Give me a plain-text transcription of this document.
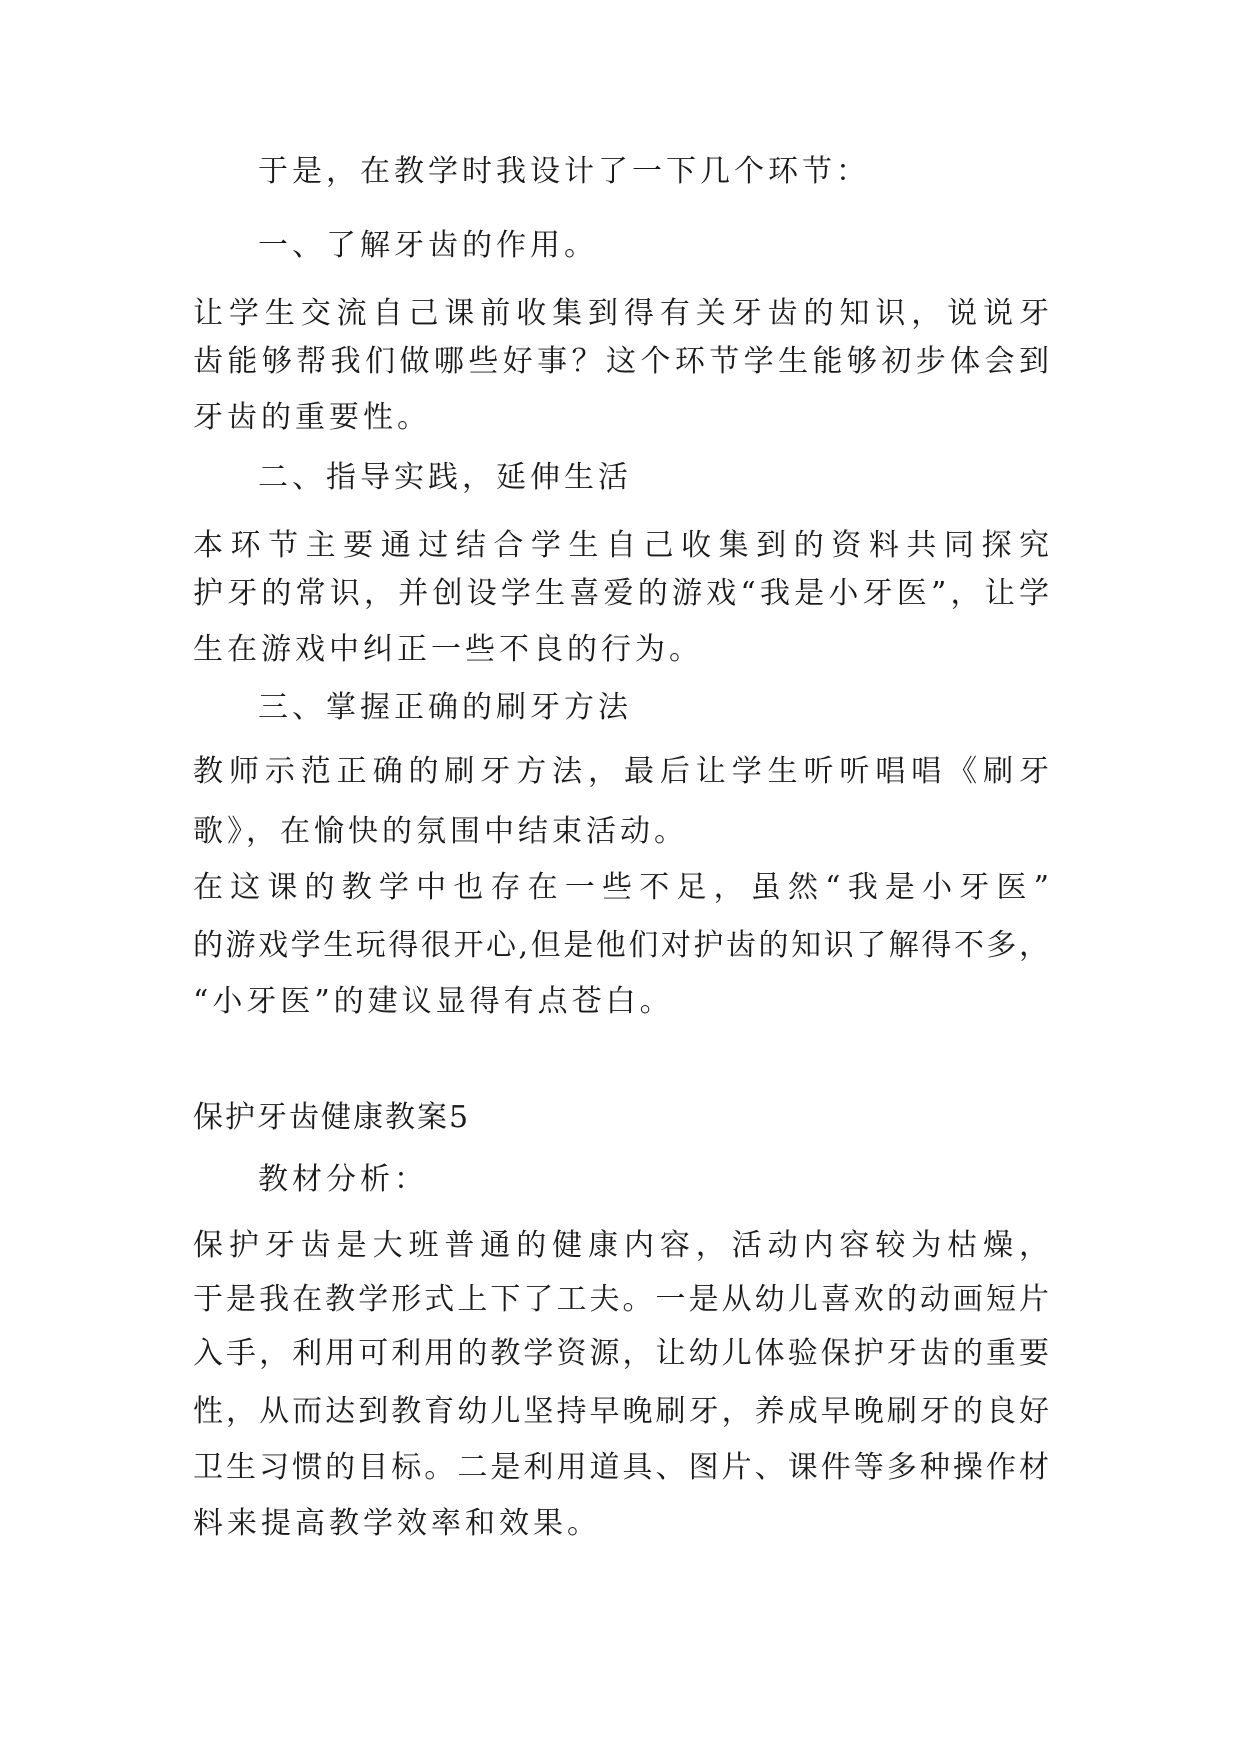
于是，在教学时我设计了一下几个环节：

一、了解牙齿的作用。

让学生交流自己课前收集到得有关牙齿的知识，说说牙

齿能够帮我们做哪些好事？这个环节学生能够初步体会到

牙齿的重要性。

二、指导实践，延伸生活

本环节主要通过结合学生自己收集到的资料共同探究

护牙的常识，并创设学生喜爱的游戏“我是小牙医”，让学

生在游戏中纠正一些不良的行为。

三、掌握正确的刷牙方法

教师示范正确的刷牙方法，最后让学生听听唱唱《刷牙

歌》，在愉快的氛围中结束活动。

在这课的教学中也存在一些不足，虽然“我是小牙医”

的游戏学生玩得很开心,但是他们对护齿的知识了解得不多，

“小牙医”的建议显得有点苍白。

保护牙齿健康教案5

教材分析：

保护牙齿是大班普通的健康内容，活动内容较为枯燥，

于是我在教学形式上下了工夫。一是从幼儿喜欢的动画短片

入手，利用可利用的教学资源，让幼儿体验保护牙齿的重要

性，从而达到教育幼儿坚持早晚刷牙，养成早晚刷牙的良好

卫生习惯的目标。二是利用道具、图片、课件等多种操作材

料来提高教学效率和效果。
